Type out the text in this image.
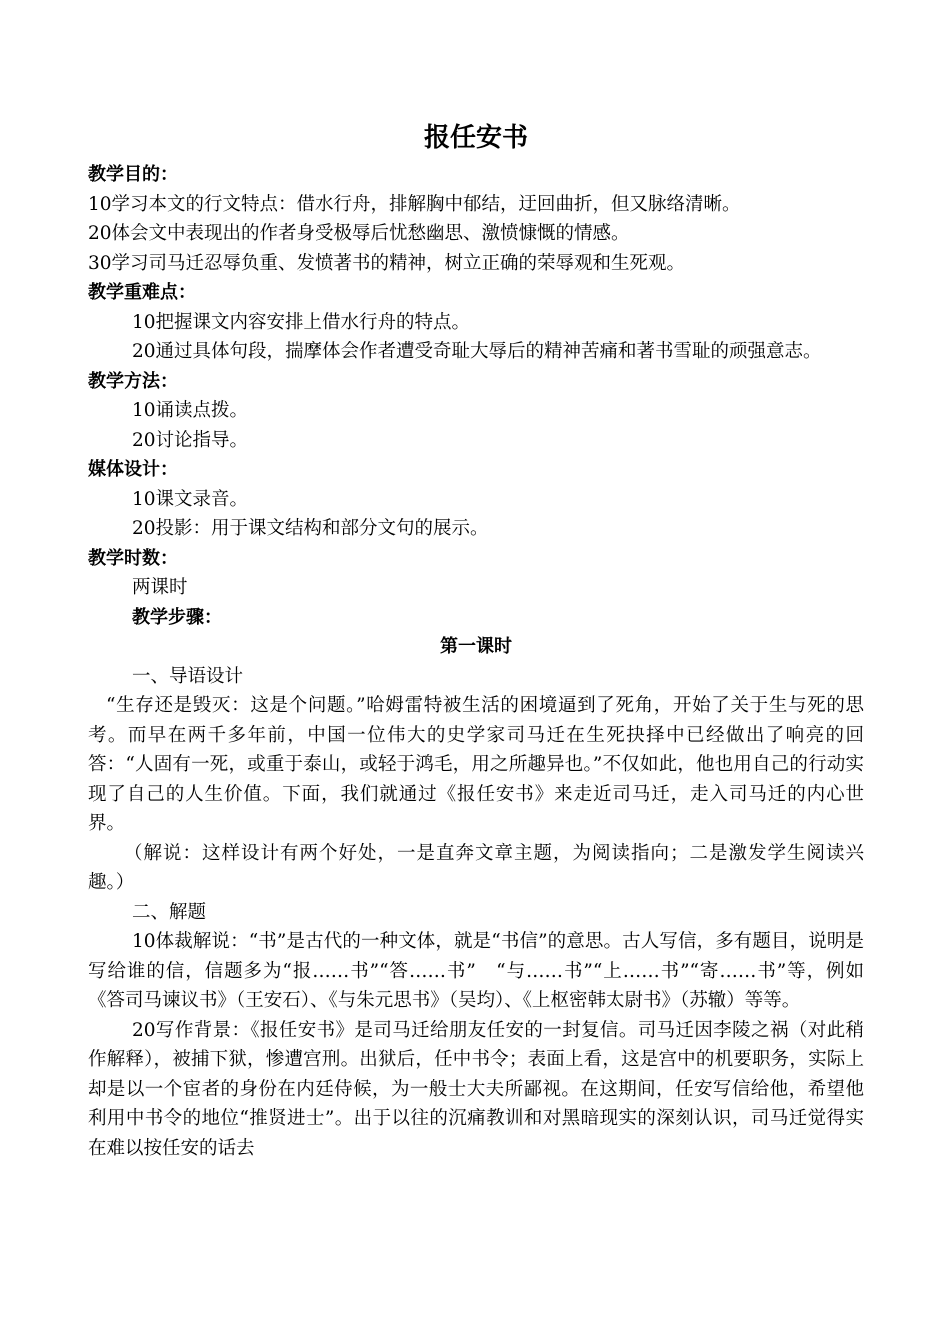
报任安书

教学目的：

10学习本文的行文特点：借水行舟，排解胸中郁结，迂回曲折，但又脉络清晰。

20体会文中表现出的作者身受极辱后忧愁幽思、激愤慷慨的情感。

30学习司马迁忍辱负重、发愤著书的精神，树立正确的荣辱观和生死观。

教学重难点：

10把握课文内容安排上借水行舟的特点。

20通过具体句段，揣摩体会作者遭受奇耻大辱后的精神苦痛和著书雪耻的顽强意志。

教学方法：

10诵读点拨。

20讨论指导。

媒体设计：

10课文录音。

20投影：用于课文结构和部分文句的展示。

教学时数：

两课时

教学步骤：

第一课时

一、导语设计

“生存还是毁灭：这是个问题。”哈姆雷特被生活的困境逼到了死角，开始了关于生与死的思考。而早在两千多年前，中国一位伟大的史学家司马迁在生死抉择中已经做出了响亮的回答：“人固有一死，或重于泰山，或轻于鸿毛，用之所趣异也。”不仅如此，他也用自己的行动实现了自己的人生价值。下面，我们就通过《报任安书》来走近司马迁，走入司马迁的内心世界。

（解说：这样设计有两个好处，一是直奔文章主题，为阅读指向；二是激发学生阅读兴趣。）

二、解题

10体裁解说：“书”是古代的一种文体，就是“书信”的意思。古人写信，多有题目，说明是写给谁的信，信题多为“报……书”“答……书”　“与……书”“上……书”“寄……书”等，例如《答司马谏议书》（王安石）、《与朱元思书》（吴均）、《上枢密韩太尉书》（苏辙）等等。

20写作背景：《报任安书》是司马迁给朋友任安的一封复信。司马迁因李陵之祸（对此稍作解释），被捕下狱，惨遭宫刑。出狱后，任中书令；表面上看，这是宫中的机要职务，实际上却是以一个宦者的身份在内廷侍候，为一般士大夫所鄙视。在这期间，任安写信给他，希望他利用中书令的地位“推贤进士”。出于以往的沉痛教训和对黑暗现实的深刻认识，司马迁觉得实在难以按任安的话去
